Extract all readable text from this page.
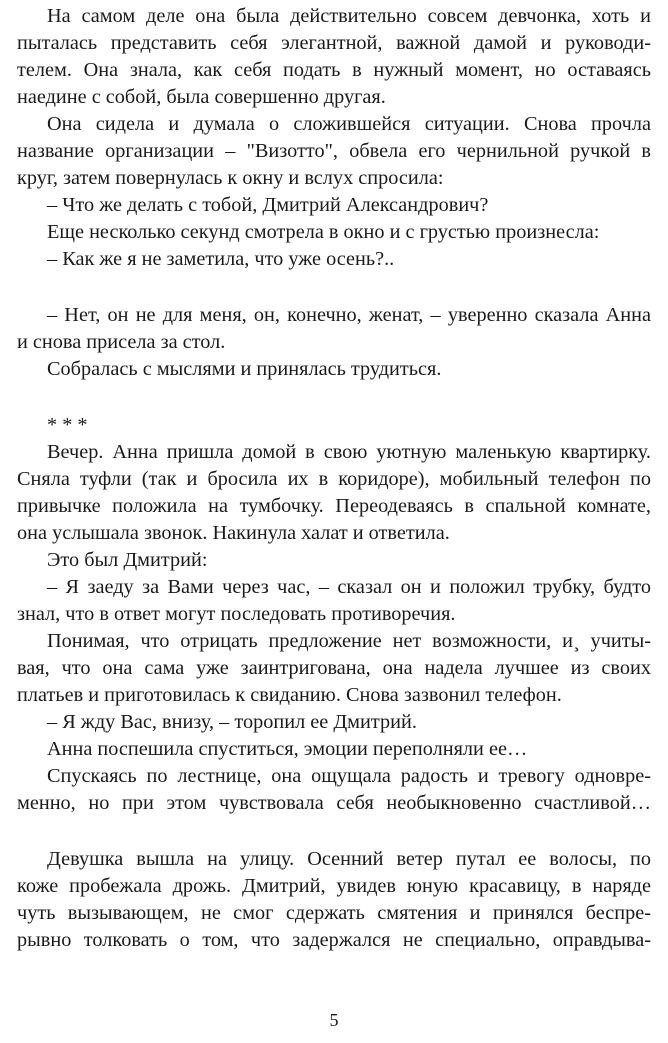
На самом деле она была действительно совсем девчонка, хоть и
пыталась представить себя элегантной, важной дамой и руководи-
телем. Она знала, как себя подать в нужный момент, но оставаясь
наедине с собой, была совершенно другая.
Она сидела и думала о сложившейся ситуации. Снова прочла
название организации – "Визотто", обвела его чернильной ручкой в
круг, затем повернулась к окну и вслух спросила:
– Что же делать с тобой, Дмитрий Александрович?
Еще несколько секунд смотрела в окно и с грустью произнесла:
– Как же я не заметила, что уже осень?..
– Нет, он не для меня, он, конечно, женат, – уверенно сказала Анна
и снова присела за стол.
Собралась с мыслями и принялась трудиться.
* * *
Вечер. Анна пришла домой в свою уютную маленькую квартирку.
Сняла туфли (так и бросила их в коридоре), мобильный телефон по
привычке положила на тумбочку. Переодеваясь в спальной комнате,
она услышала звонок. Накинула халат и ответила.
Это был Дмитрий:
– Я заеду за Вами через час, – сказал он и положил трубку, будто
знал, что в ответ могут последовать противоречия.
Понимая, что отрицать предложение нет возможности, и¸ учиты-
вая, что она сама уже заинтригована, она надела лучшее из своих
платьев и приготовилась к свиданию. Снова зазвонил телефон.
– Я жду Вас, внизу, – торопил ее Дмитрий.
Анна поспешила спуститься, эмоции переполняли ее…
Спускаясь по лестнице, она ощущала радость и тревогу одновре-
менно, но при этом чувствовала себя необыкновенно счастливой…
Девушка вышла на улицу. Осенний ветер путал ее волосы, по
коже пробежала дрожь. Дмитрий, увидев юную красавицу, в наряде
чуть вызывающем, не смог сдержать смятения и принялся беспре-
рывно толковать о том, что задержался не специально, оправдыва-
5
